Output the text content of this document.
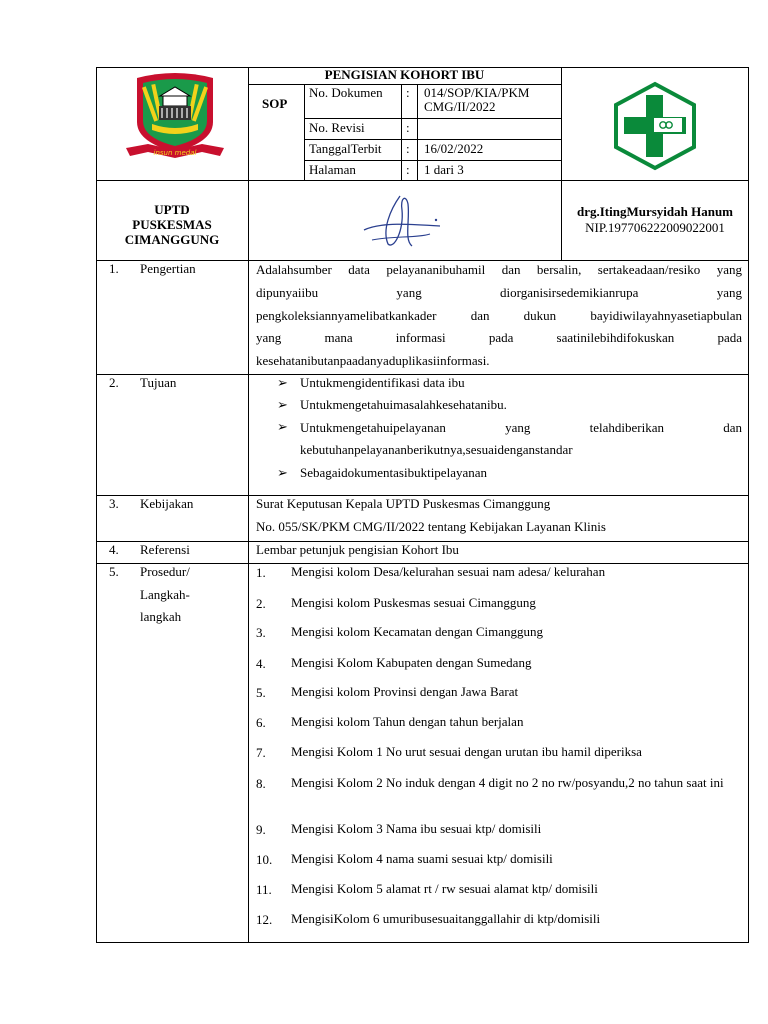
insun medal
PENGISIAN KOHORT IBU
SOP
No. Dokumen : 014/SOP/KIA/PKM CMG/II/2022
No. Revisi	:
TanggalTerbit : 16/02/2022
Halaman	: 1 dari 3
UPTD
PUSKESMAS
CIMANGGUNG
drg.ItingMursyidah Hanum
NIP.197706222009022001
1. Pengertian	Adalahsumber data pelayananibuhamil dan bersalin, sertakeadaan/resiko yang
dipunyaiibu yang diorganisirsedemikianrupa yang
pengkoleksiannyamelibatkankader dan dukun bayidiwilayahnyasetiapbulan
yang mana informasi pada saatinilebihdifokuskan pada
kesehatanibutanpaadanyaduplikasiinformasi.
2. Tujuan	➢ Untukmengidentifikasi data ibu
➢ Untukmengetahuimasalahkesehatanibu.
➢ Untukmengetahuipelayanan yang telahdiberikan dan
kebutuhanpelayananberikutnya,sesuaidenganstandar
➢ Sebagaidokumentasibuktipelayanan
3. Kebijakan	Surat Keputusan Kepala UPTD Puskesmas Cimanggung
No. 055/SK/PKM CMG/II/2022 tentang Kebijakan Layanan Klinis
4. Referensi	Lembar petunjuk pengisian Kohort Ibu
5. Prosedur/
Langkah-
langkah
1. Mengisi kolom Desa/kelurahan sesuai nam adesa/ kelurahan
2. Mengisi kolom Puskesmas sesuai Cimanggung
3. Mengisi kolom Kecamatan dengan Cimanggung
4. Mengisi Kolom Kabupaten dengan Sumedang
5. Mengisi kolom Provinsi dengan Jawa Barat
6. Mengisi kolom Tahun dengan tahun berjalan
7. Mengisi Kolom 1 No urut sesuai dengan urutan ibu hamil diperiksa
8. Mengisi Kolom 2 No induk dengan 4 digit no 2 no rw/posyandu,2 no tahun saat ini
9. Mengisi Kolom 3 Nama ibu sesuai ktp/ domisili
10. Mengisi Kolom 4 nama suami sesuai ktp/ domisili
11. Mengisi Kolom 5 alamat rt / rw sesuai alamat ktp/ domisili
12. MengisiKolom 6 umuribusesuaitanggallahir di ktp/domisili
